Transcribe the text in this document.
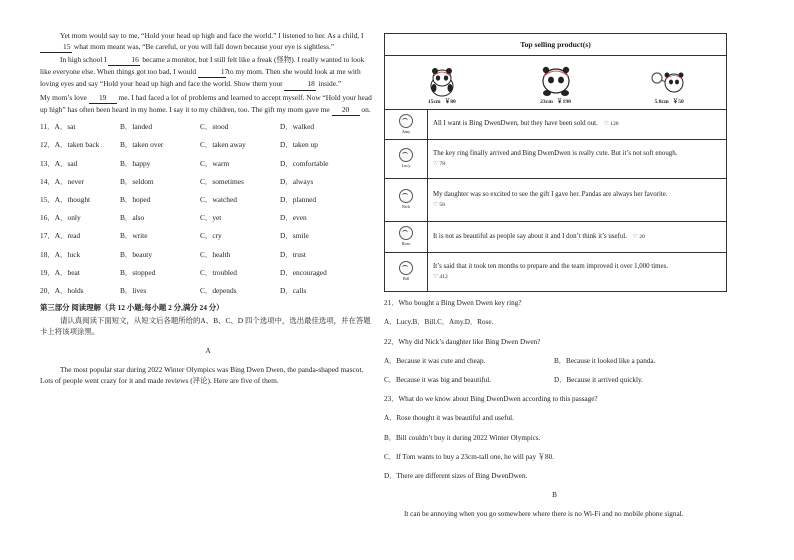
Yet mom would say to me, “Hold your head up high and face the world.” I listened to her. As a child, I 15 what mom meant was, “Be careful, or you will fall down because your eye is sightless.”

In high school I	16 became a monitor, but I still felt like a freak (怪物). I really wanted to look like everyone else. When things got too bad, I would	17 to my mom. Then she would look at me with loving eyes and say “Hold your head up high and face the world. Show them your	18 inside.”

My mom’s love 19 me. I had faced a lot of problems and learned to accept myself. Now “Hold your head up high” has often been heard in my home. I say it to my children, too. The gift my mom gave me 20 on.

11．A．sat	B．landed	C．stood	D．walked
12．A．taken back	B．taken over	C．taken away	D．taken up
13．A．sad	B．happy	C．warm	D．comfortable
14．A．never	B．seldom	C．sometimes	D．always
15．A．thought	B．hoped	C．watched	D．planned
16．A．only	B．also	C．yet	D．even
17．A．read	B．write	C．cry	D．smile
18．A．luck	B．beauty	C．health	D．trust
19．A．beat	B．stopped	C．troubled	D．encouraged
20．A．holds	B．lives	C．depends	D．calls

第三部分 阅读理解（共 12 小题;每小题 2 分,满分 24 分）

请认真阅读下面短文，从短文后各题所给的A、B、C、D 四个选项中，选出最佳选项，并在答题卡上将该项涂黑。

A

The most popular star during 2022 Winter Olympics was Bing Dwen Dwen, the panda-shaped mascot. Lots of people went crazy for it and made reviews (评论). Here are five of them.

Top selling product(s)
15cm ￥80	23cm ￥190	5.8cm ￥50
Amy
All I want is Bing DwenDwen, but they have been sold out. ♡ 120
Lucy
The key ring finally arrived and Bing DwenDwen is really cute. But it’s not soft enough.
♡ 78
Nick
My daughter was so excited to see the gift I gave her. Pandas are always her favorite.
♡ 56
Rose
It is not as beautiful as people say about it and I don’t think it’s useful. ♡ 20
Bill
It’s said that it took ten months to prepare and the team improved it over 1,000 times.
♡ 412
21．Who bought a Bing Dwen Dwen key ring?
A．Lucy. B．Bill. C．Amy. D．Rose.
22．Why did Nick’s daughter like Bing Dwen Dwen?
A．Because it was cute and cheap.	B．Because it looked like a panda.
C．Because it was big and beautiful.	D．Because it arrived quickly.
23．What do we know about Bing DwenDwen according to this passage?
A．Rose thought it was beautiful and useful.
B．Bill couldn’t buy it during 2022 Winter Olympics.
C．If Tom wants to buy a 23cm-tall one, he will pay ￥80.
D．There are different sizes of Bing DwenDwen.
B
It can be annoying when you go somewhere where there is no Wi-Fi and no mobile phone signal.
